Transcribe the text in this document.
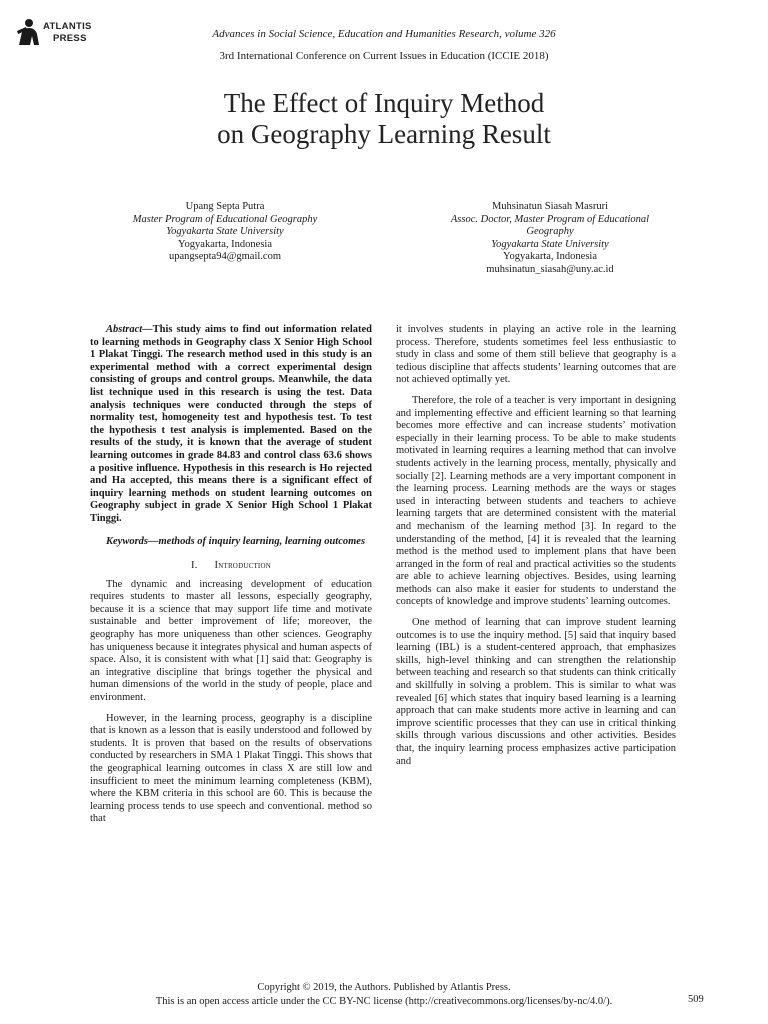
ATLANTIS
PRESS	Advances in Social Science, Education and Humanities Research, volume 326
3rd International Conference on Current Issues in Education (ICCIE 2018)
The Effect of Inquiry Method
on Geography Learning Result
Upang Septa Putra
Master Program of Educational Geography
Yogyakarta State University
Yogyakarta, Indonesia
upangsepta94@gmail.com
Muhsinatun Siasah Masruri
Assoc. Doctor, Master Program of Educational
Geography
Yogyakarta State University
Yogyakarta, Indonesia
muhsinatun_siasah@uny.ac.id

Abstract—This study aims to find out information related to learning methods in Geography class X Senior High School 1 Plakat Tinggi. The research method used in this study is an experimental method with a correct experimental design consisting of groups and control groups. Meanwhile, the data list technique used in this research is using the test. Data analysis techniques were conducted through the steps of normality test, homogeneity test and hypothesis test. To test the hypothesis t test analysis is implemented. Based on the results of the study, it is known that the average of student learning outcomes in grade 84.83 and control class 63.6 shows a positive influence. Hypothesis in this research is Ho rejected and Ha accepted, this means there is a significant effect of inquiry learning methods on student learning outcomes on Geography subject in grade X Senior High School 1 Plakat Tinggi.

Keywords—methods of inquiry learning, learning outcomes

I. Introduction

The dynamic and increasing development of education requires students to master all lessons, especially geography, because it is a science that may support life time and motivate sustainable and better improvement of life; moreover, the geography has more uniqueness than other sciences. Geography has uniqueness because it integrates physical and human aspects of space. Also, it is consistent with what [1] said that: Geography is an integrative discipline that brings together the physical and human dimensions of the world in the study of people, place and environment.

However, in the learning process, geography is a discipline that is known as a lesson that is easily understood and followed by students. It is proven that based on the results of observations conducted by researchers in SMA 1 Plakat Tinggi. This shows that the geographical learning outcomes in class X are still low and insufficient to meet the minimum learning completeness (KBM), where the KBM criteria in this school are 60. This is because the learning process tends to use speech and conventional. method so that

it involves students in playing an active role in the learning process. Therefore, students sometimes feel less enthusiastic to study in class and some of them still believe that geography is a tedious discipline that affects students’ learning outcomes that are not achieved optimally yet.

Therefore, the role of a teacher is very important in designing and implementing effective and efficient learning so that learning becomes more effective and can increase students’ motivation especially in their learning process. To be able to make students motivated in learning requires a learning method that can involve students actively in the learning process, mentally, physically and socially [2]. Learning methods are a very important component in the learning process. Learning methods are the ways or stages used in interacting between students and teachers to achieve learning targets that are determined consistent with the material and mechanism of the learning method [3]. In regard to the understanding of the method, [4] it is revealed that the learning method is the method used to implement plans that have been arranged in the form of real and practical activities so the students are able to achieve learning objectives. Besides, using learning methods can also make it easier for students to understand the concepts of knowledge and improve students’ learning outcomes.

One method of learning that can improve student learning outcomes is to use the inquiry method. [5] said that inquiry based learning (IBL) is a student-centered approach, that emphasizes skills, high-level thinking and can strengthen the relationship between teaching and research so that students can think critically and skillfully in solving a problem. This is similar to what was revealed [6] which states that inquiry based learning is a learning approach that can make students more active in learning and can improve scientific processes that they can use in critical thinking skills through various discussions and other activities. Besides that, the inquiry learning process emphasizes active participation and

Copyright © 2019, the Authors. Published by Atlantis Press.
This is an open access article under the CC BY-NC license (http://creativecommons.org/licenses/by-nc/4.0/).	509
